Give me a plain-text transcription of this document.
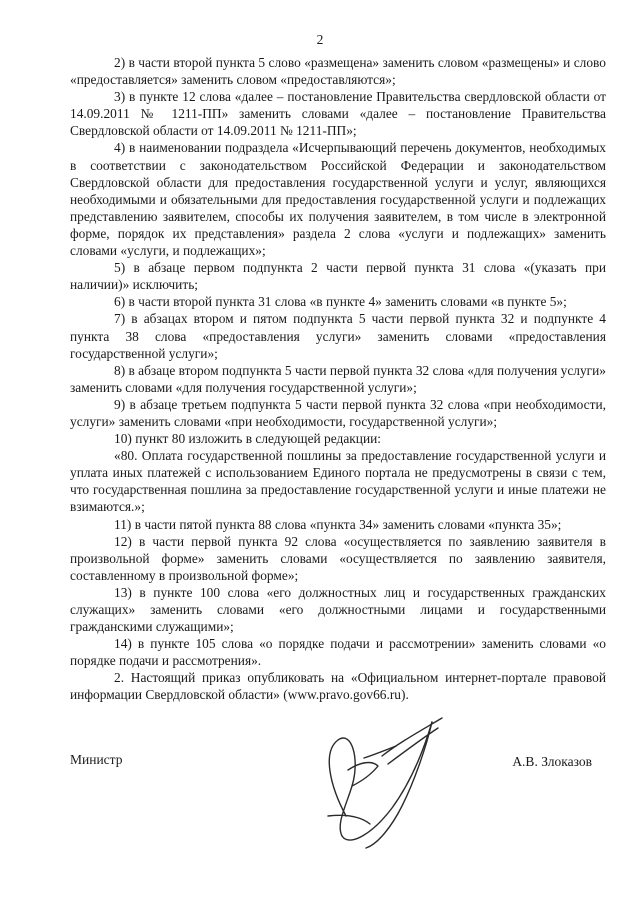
2

2) в части второй пункта 5 слово «размещена» заменить словом «размещены» и слово «предоставляется» заменить словом «предоставляются»;

3) в пункте 12 слова «далее – постановление Правительства свердловской области от 14.09.2011 № 1211-ПП» заменить словами «далее – постановление Правительства Свердловской области от 14.09.2011 № 1211-ПП»;

4) в наименовании подраздела «Исчерпывающий перечень документов, необходимых в соответствии с законодательством Российской Федерации и законодательством Свердловской области для предоставления государственной услуги и услуг, являющихся необходимыми и обязательными для предоставления государственной услуги и подлежащих представлению заявителем, способы их получения заявителем, в том числе в электронной форме, порядок их представления» раздела 2 слова «услуги и подлежащих» заменить словами «услуги, и подлежащих»;

5) в абзаце первом подпункта 2 части первой пункта 31 слова «(указать при наличии)» исключить;

6) в части второй пункта 31 слова «в пункте 4» заменить словами «в пункте 5»;

7) в абзацах втором и пятом подпункта 5 части первой пункта 32 и подпункте 4 пункта 38 слова «предоставления услуги» заменить словами «предоставления государственной услуги»;

8) в абзаце втором подпункта 5 части первой пункта 32 слова «для получения услуги» заменить словами «для получения государственной услуги»;

9) в абзаце третьем подпункта 5 части первой пункта 32 слова «при необходимости, услуги» заменить словами «при необходимости, государственной услуги»;

10) пункт 80 изложить в следующей редакции:

«80. Оплата государственной пошлины за предоставление государственной услуги и уплата иных платежей с использованием Единого портала не предусмотрены в связи с тем, что государственная пошлина за предоставление государственной услуги и иные платежи не взимаются.»;

11) в части пятой пункта 88 слова «пункта 34» заменить словами «пункта 35»;

12) в части первой пункта 92 слова «осуществляется по заявлению заявителя в произвольной форме» заменить словами «осуществляется по заявлению заявителя, составленному в произвольной форме»;

13) в пункте 100 слова «его должностных лиц и государственных гражданских служащих» заменить словами «его должностными лицами и государственными гражданскими служащими»;

14) в пункте 105 слова «о порядке подачи и рассмотрении» заменить словами «о порядке подачи и рассмотрения».

2. Настоящий приказ опубликовать на «Официальном интернет-портале правовой информации Свердловской области» (www.pravo.gov66.ru).

Министр	А.В. Злоказов
